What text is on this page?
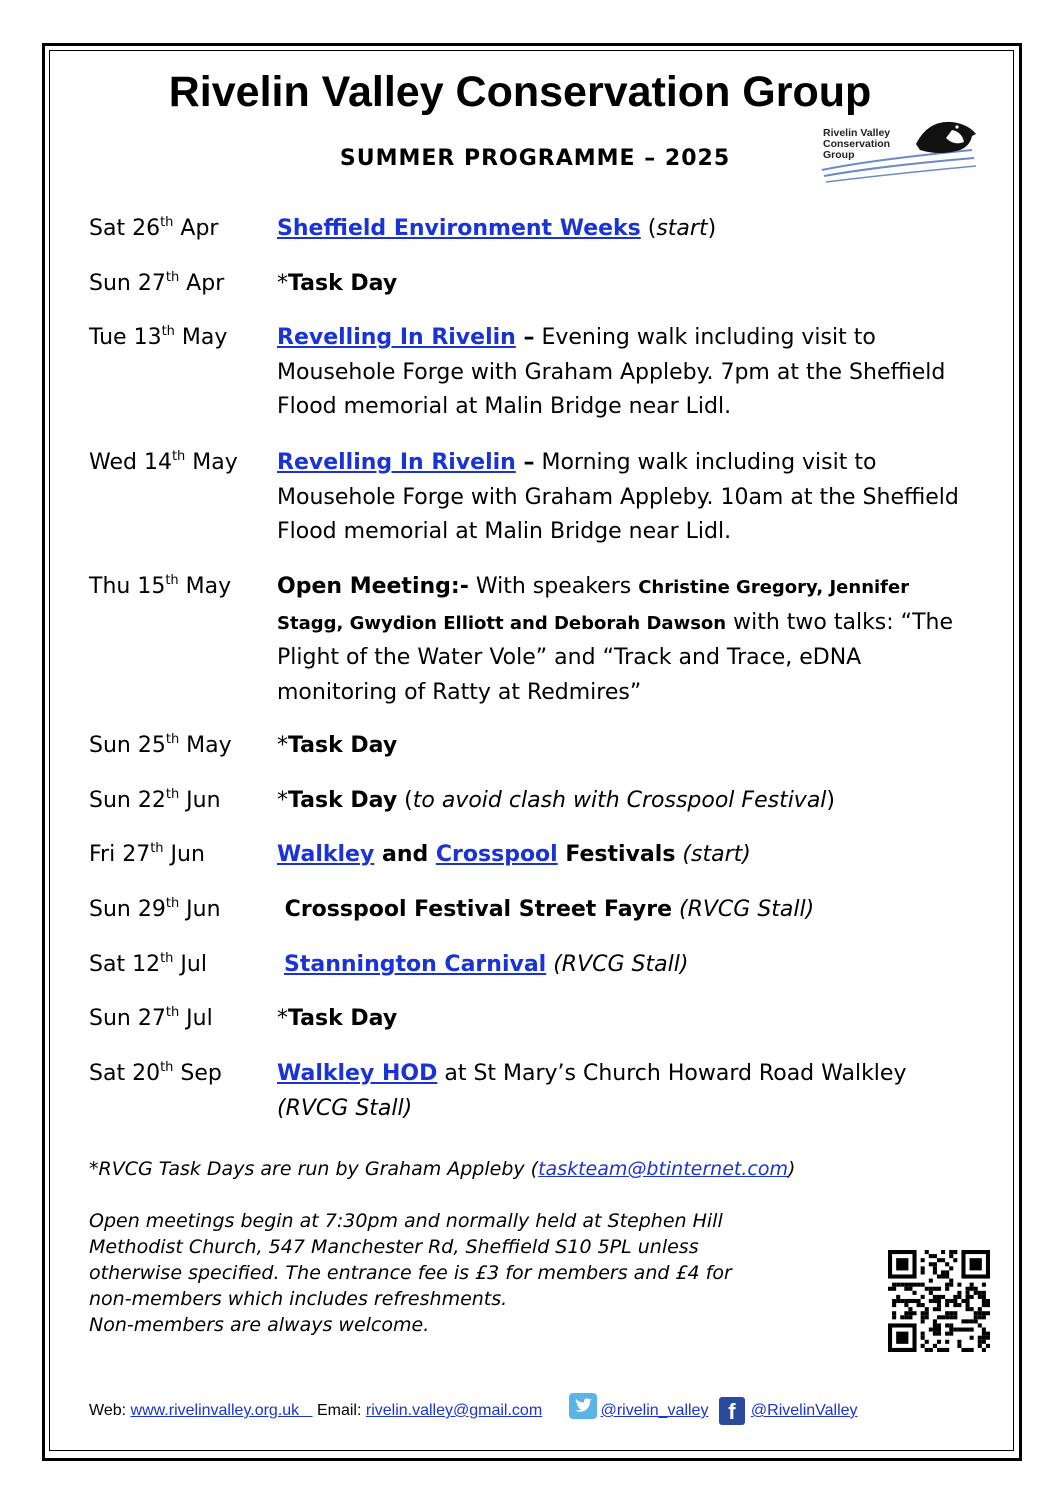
Rivelin Valley Conservation Group
SUMMER PROGRAMME – 2025
Rivelin Valley
Conservation
Group
Sat 26th Apr	Sheffield Environment Weeks (start)
Sun 27th Apr *Task Day
Tue 13th May Revelling In Rivelin – Evening walk including visit to Mousehole Forge with Graham Appleby. 7pm at the Sheffield Flood memorial at Malin Bridge near Lidl.
Wed 14th May Revelling In Rivelin – Morning walk including visit to Mousehole Forge with Graham Appleby. 10am at the Sheffield Flood memorial at Malin Bridge near Lidl.
Thu 15th May Open Meeting:- With speakers Christine Gregory, Jennifer Stagg, Gwydion Elliott and Deborah Dawson with two talks: “The Plight of the Water Vole” and “Track and Trace, eDNA monitoring of Ratty at Redmires”
Sun 25th May *Task Day
Sun 22th Jun	*Task Day (to avoid clash with Crosspool Festival)
Fri 27th Jun	Walkley and Crosspool Festivals (start)
Sun 29th Jun	Crosspool Festival Street Fayre (RVCG Stall)
Sat 12th Jul	Stannington Carnival (RVCG Stall)
Sun 27th Jul	*Task Day
Sat 20th Sep	Walkley HOD at St Mary’s Church Howard Road Walkley (RVCG Stall)
*RVCG Task Days are run by Graham Appleby (taskteam@btinternet.com)
Open meetings begin at 7:30pm and normally held at Stephen Hill
Methodist Church, 547 Manchester Rd, Sheffield S10 5PL unless
otherwise specified. The entrance fee is £3 for members and £4 for
non-members which includes refreshments.
Non-members are always welcome.
Web: www.rivelinvalley.org.uk    Email: rivelin.valley@gmail.com	@rivelin_valley f @RivelinValley
